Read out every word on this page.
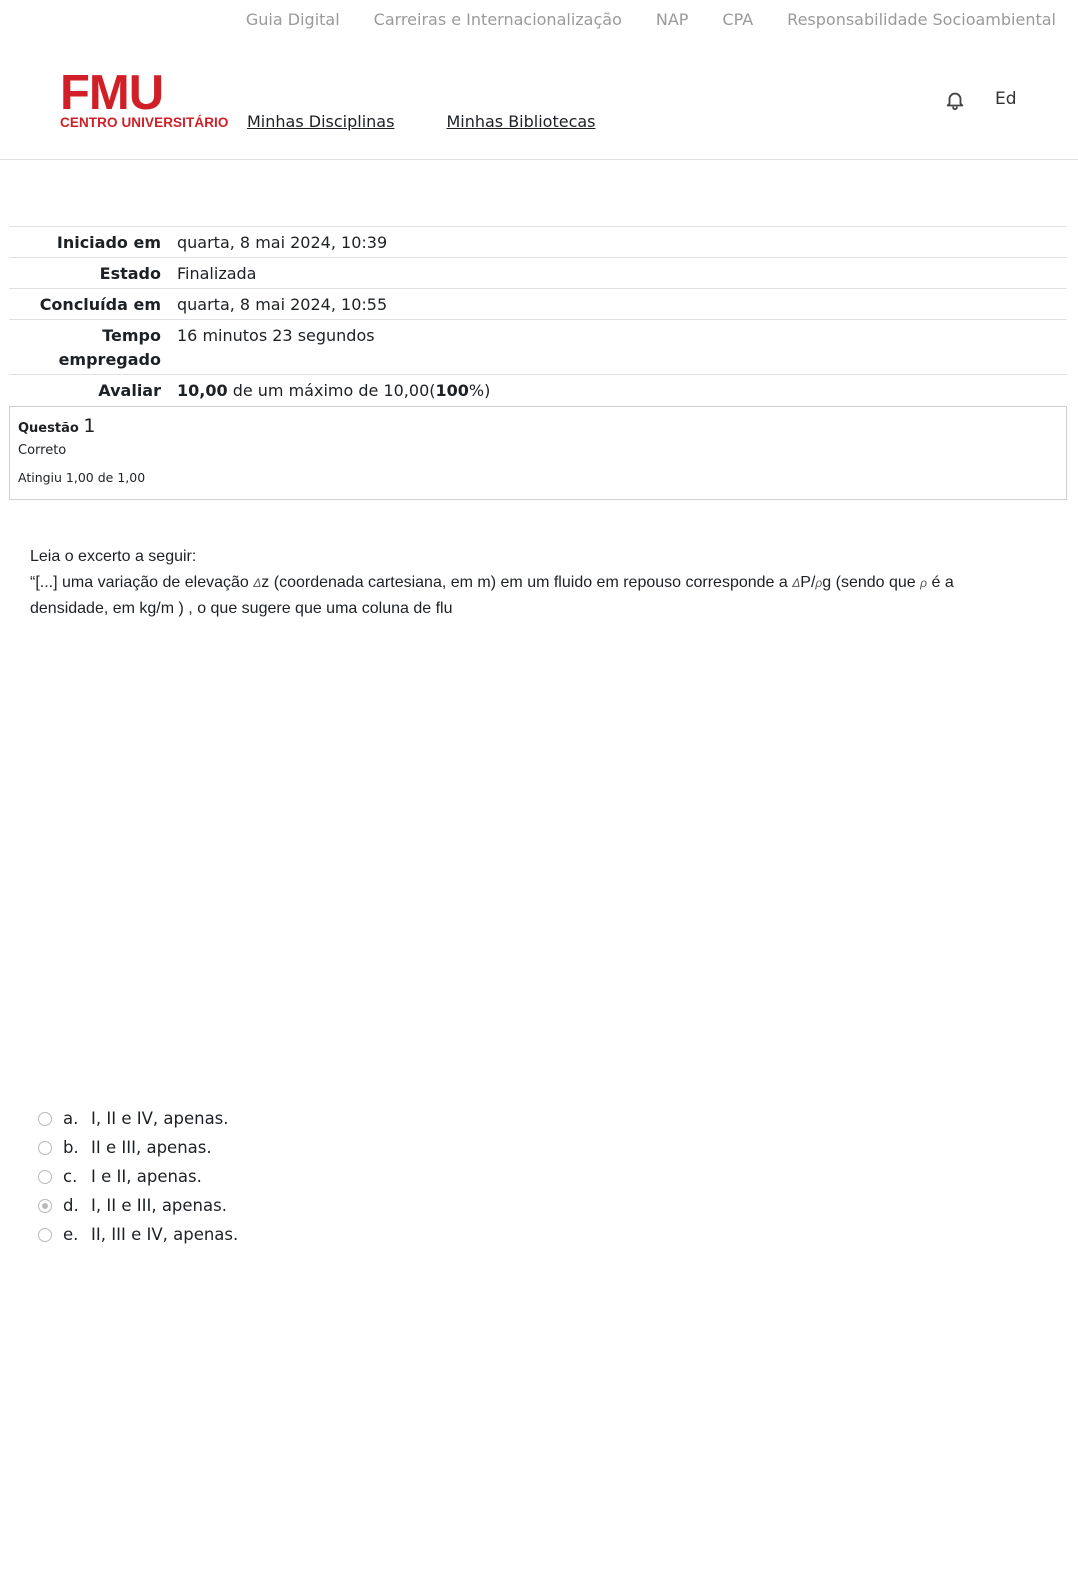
Guia Digital Carreiras e Internacionalização NAP CPA Responsabilidade Socioambiental
FMU
CENTRO UNIVERSITÁRIO Minhas Disciplinas	Minhas Bibliotecas
Ed
Iniciado em	quarta, 8 mai 2024, 10:39
Estado	Finalizada
Concluída em	quarta, 8 mai 2024, 10:55
Tempo empregado	16 minutos 23 segundos
Avaliar	10,00 de um máximo de 10,00(100%)
Questão 1
Correto
Atingiu 1,00 de 1,00
Leia o excerto a seguir:
“[...] uma variação de elevação Δz (coordenada cartesiana, em m) em um fluido em repouso corresponde a ΔP/ρg (sendo que ρ é a densidade, em kg/m ) , o que sugere que uma coluna de flu
a. I, II e IV, apenas.
b. II e III, apenas.
c. I e II, apenas.
d. I, II e III, apenas.
e. II, III e IV, apenas.
